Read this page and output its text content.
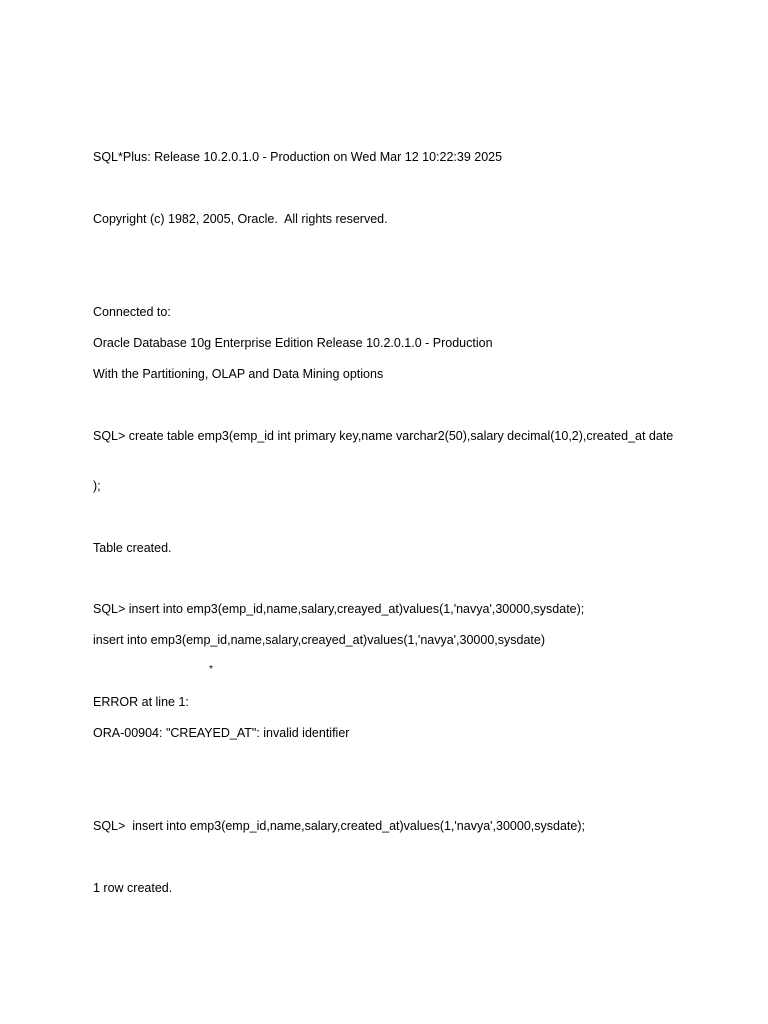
SQL*Plus: Release 10.2.0.1.0 - Production on Wed Mar 12 10:22:39 2025
Copyright (c) 1982, 2005, Oracle.  All rights reserved.
Connected to:
Oracle Database 10g Enterprise Edition Release 10.2.0.1.0 - Production
With the Partitioning, OLAP and Data Mining options
SQL> create table emp3(emp_id int primary key,name varchar2(50),salary decimal(10,2),created_at date
);
Table created.
SQL> insert into emp3(emp_id,name,salary,creayed_at)values(1,'navya',30000,sysdate);
insert into emp3(emp_id,name,salary,creayed_at)values(1,'navya',30000,sysdate)
*
ERROR at line 1:
ORA-00904: "CREAYED_AT": invalid identifier
SQL>  insert into emp3(emp_id,name,salary,created_at)values(1,'navya',30000,sysdate);
1 row created.
